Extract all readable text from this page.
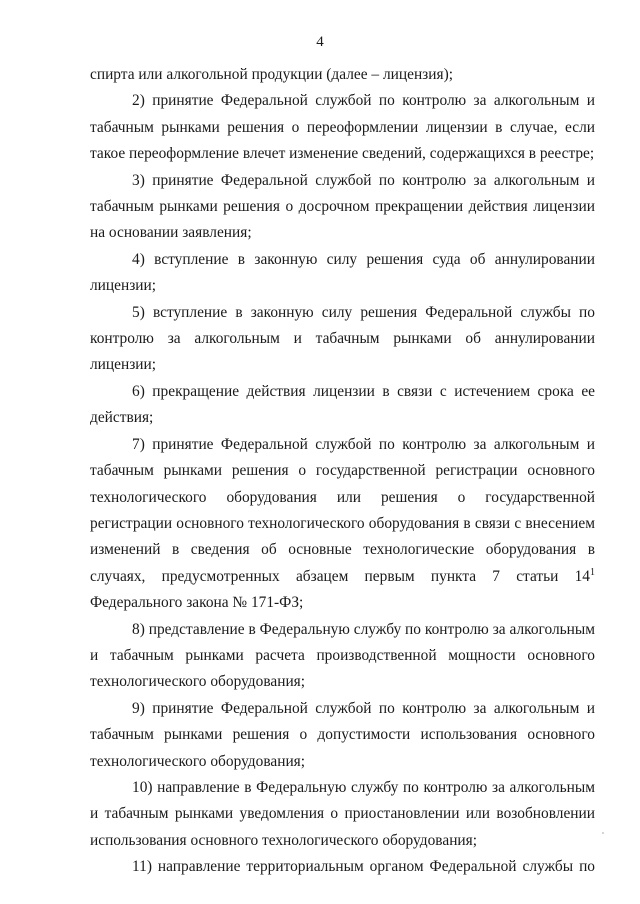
4

спирта или алкогольной продукции (далее – лицензия);

2) принятие Федеральной службой по контролю за алкогольным и табачным рынками решения о переоформлении лицензии в случае, если такое переоформление влечет изменение сведений, содержащихся в реестре;

3) принятие Федеральной службой по контролю за алкогольным и табачным рынками решения о досрочном прекращении действия лицензии на основании заявления;

4) вступление в законную силу решения суда об аннулировании лицензии;

5) вступление в законную силу решения Федеральной службы по контролю за алкогольным и табачным рынками об аннулировании лицензии;

6) прекращение действия лицензии в связи с истечением срока ее действия;

7) принятие Федеральной службой по контролю за алкогольным и табачным рынками решения о государственной регистрации основного технологического оборудования или решения о государственной регистрации основного технологического оборудования в связи с внесением изменений в сведения об основные технологические оборудования в случаях, предусмотренных абзацем первым пункта 7 статьи $14^1$ Федерального закона № 171-ФЗ;

8) представление в Федеральную службу по контролю за алкогольным и табачным рынками расчета производственной мощности основного технологического оборудования;

9) принятие Федеральной службой по контролю за алкогольным и табачным рынками решения о допустимости использования основного технологического оборудования;

10) направление в Федеральную службу по контролю за алкогольным и табачным рынками уведомления о приостановлении или возобновлении использования основного технологического оборудования;

11) направление территориальным органом Федеральной службы по
